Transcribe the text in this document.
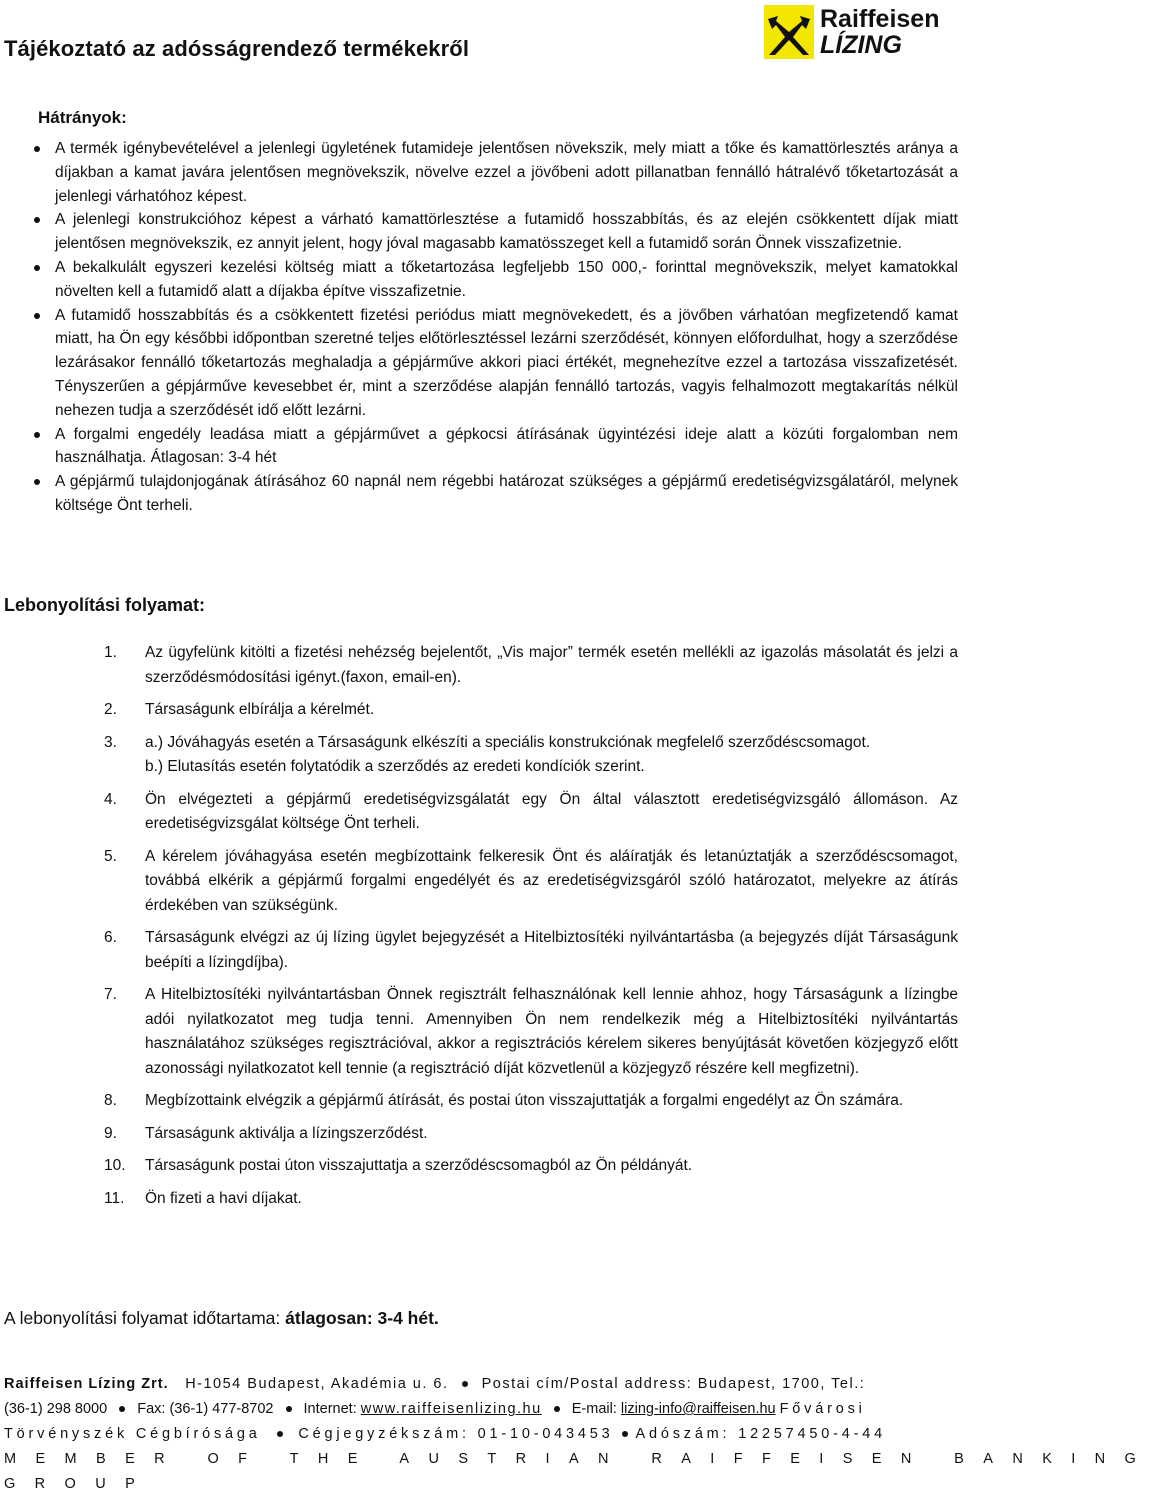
Tájékoztató az adósságrendező termékekről
Raiffeisen
LÍZING
Hátrányok:
A termék igénybevételével a jelenlegi ügyletének futamideje jelentősen növekszik, mely miatt a tőke és kamattörlesztés aránya a díjakban a kamat javára jelentősen megnövekszik, növelve ezzel a jövőbeni adott pillanatban fennálló hátralévő tőketartozását a jelenlegi várhatóhoz képest.
A jelenlegi konstrukcióhoz képest a várható kamattörlesztése a futamidő hosszabbítás, és az elején csökkentett díjak miatt jelentősen megnövekszik, ez annyit jelent, hogy jóval magasabb kamatösszeget kell a futamidő során Önnek visszafizetnie.
A bekalkulált egyszeri kezelési költség miatt a tőketartozása legfeljebb 150 000,- forinttal megnövekszik, melyet kamatokkal növelten kell a futamidő alatt a díjakba építve visszafizetnie.
A futamidő hosszabbítás és a csökkentett fizetési periódus miatt megnövekedett, és a jövőben várhatóan megfizetendő kamat miatt, ha Ön egy későbbi időpontban szeretné teljes előtörlesztéssel lezárni szerződését, könnyen előfordulhat, hogy a szerződése lezárásakor fennálló tőketartozás meghaladja a gépjárműve akkori piaci értékét, megnehezítve ezzel a tartozása visszafizetését. Tényszerűen a gépjárműve kevesebbet ér, mint a szerződése alapján fennálló tartozás, vagyis felhalmozott megtakarítás nélkül nehezen tudja a szerződését idő előtt lezárni.
A forgalmi engedély leadása miatt a gépjárművet a gépkocsi átírásának ügyintézési ideje alatt a közúti forgalomban nem használhatja. Átlagosan: 3-4 hét
A gépjármű tulajdonjogának átírásához 60 napnál nem régebbi határozat szükséges a gépjármű eredetiségvizsgálatáról, melynek költsége Önt terheli.
Lebonyolítási folyamat:
1. Az ügyfelünk kitölti a fizetési nehézség bejelentőt, „Vis major” termék esetén mellékli az igazolás másolatát és jelzi a szerződésmódosítási igényt.(faxon, email-en).
2. Társaságunk elbírálja a kérelmét.
3. a.) Jóváhagyás esetén a Társaságunk elkészíti a speciális konstrukciónak megfelelő szerződéscsomagot.
b.) Elutasítás esetén folytatódik a szerződés az eredeti kondíciók szerint.
4. Ön elvégezteti a gépjármű eredetiségvizsgálatát egy Ön által választott eredetiségvizsgáló állomáson. Az eredetiségvizsgálat költsége Önt terheli.
5. A kérelem jóváhagyása esetén megbízottaink felkeresik Önt és aláíratják és letanúztatják a szerződéscsomagot, továbbá elkérik a gépjármű forgalmi engedélyét és az eredetiségvizsgáról szóló határozatot, melyekre az átírás érdekében van szükségünk.
6. Társaságunk elvégzi az új lízing ügylet bejegyzését a Hitelbiztosítéki nyilvántartásba (a bejegyzés díját Társaságunk beépíti a lízingdíjba).
7. A Hitelbiztosítéki nyilvántartásban Önnek regisztrált felhasználónak kell lennie ahhoz, hogy Társaságunk a lízingbe adói nyilatkozatot meg tudja tenni. Amennyiben Ön nem rendelkezik még a Hitelbiztosítéki nyilvántartás használatához szükséges regisztrációval, akkor a regisztrációs kérelem sikeres benyújtását követően közjegyző előtt azonossági nyilatkozatot kell tennie (a regisztráció díját közvetlenül a közjegyző részére kell megfizetni).
8. Megbízottaink elvégzik a gépjármű átírását, és postai úton visszajuttatják a forgalmi engedélyt az Ön számára.
9. Társaságunk aktiválja a lízingszerződést.
10. Társaságunk postai úton visszajuttatja a szerződéscsomagból az Ön példányát.
11. Ön fizeti a havi díjakat.

A lebonyolítási folyamat időtartama: átlagosan: 3-4 hét.

Raiffeisen Lízing Zrt. H-1054 Budapest, Akadémia u. 6. Postai cím/Postal address: Budapest, 1700, Tel.:
(36-1) 298 8000 Fax: (36-1) 477-8702 Internet: www.raiffeisenlizing.hu E-mail: lizing-info@raiffeisen.hu Fővárosi
Törvényszék Cégbírósága	Cégjegyzékszám: 01-10-043453 Adószám: 12257450-4-44
MEMBER OF THE AUSTRIAN RAIFFEISEN BANKING
GROUP
